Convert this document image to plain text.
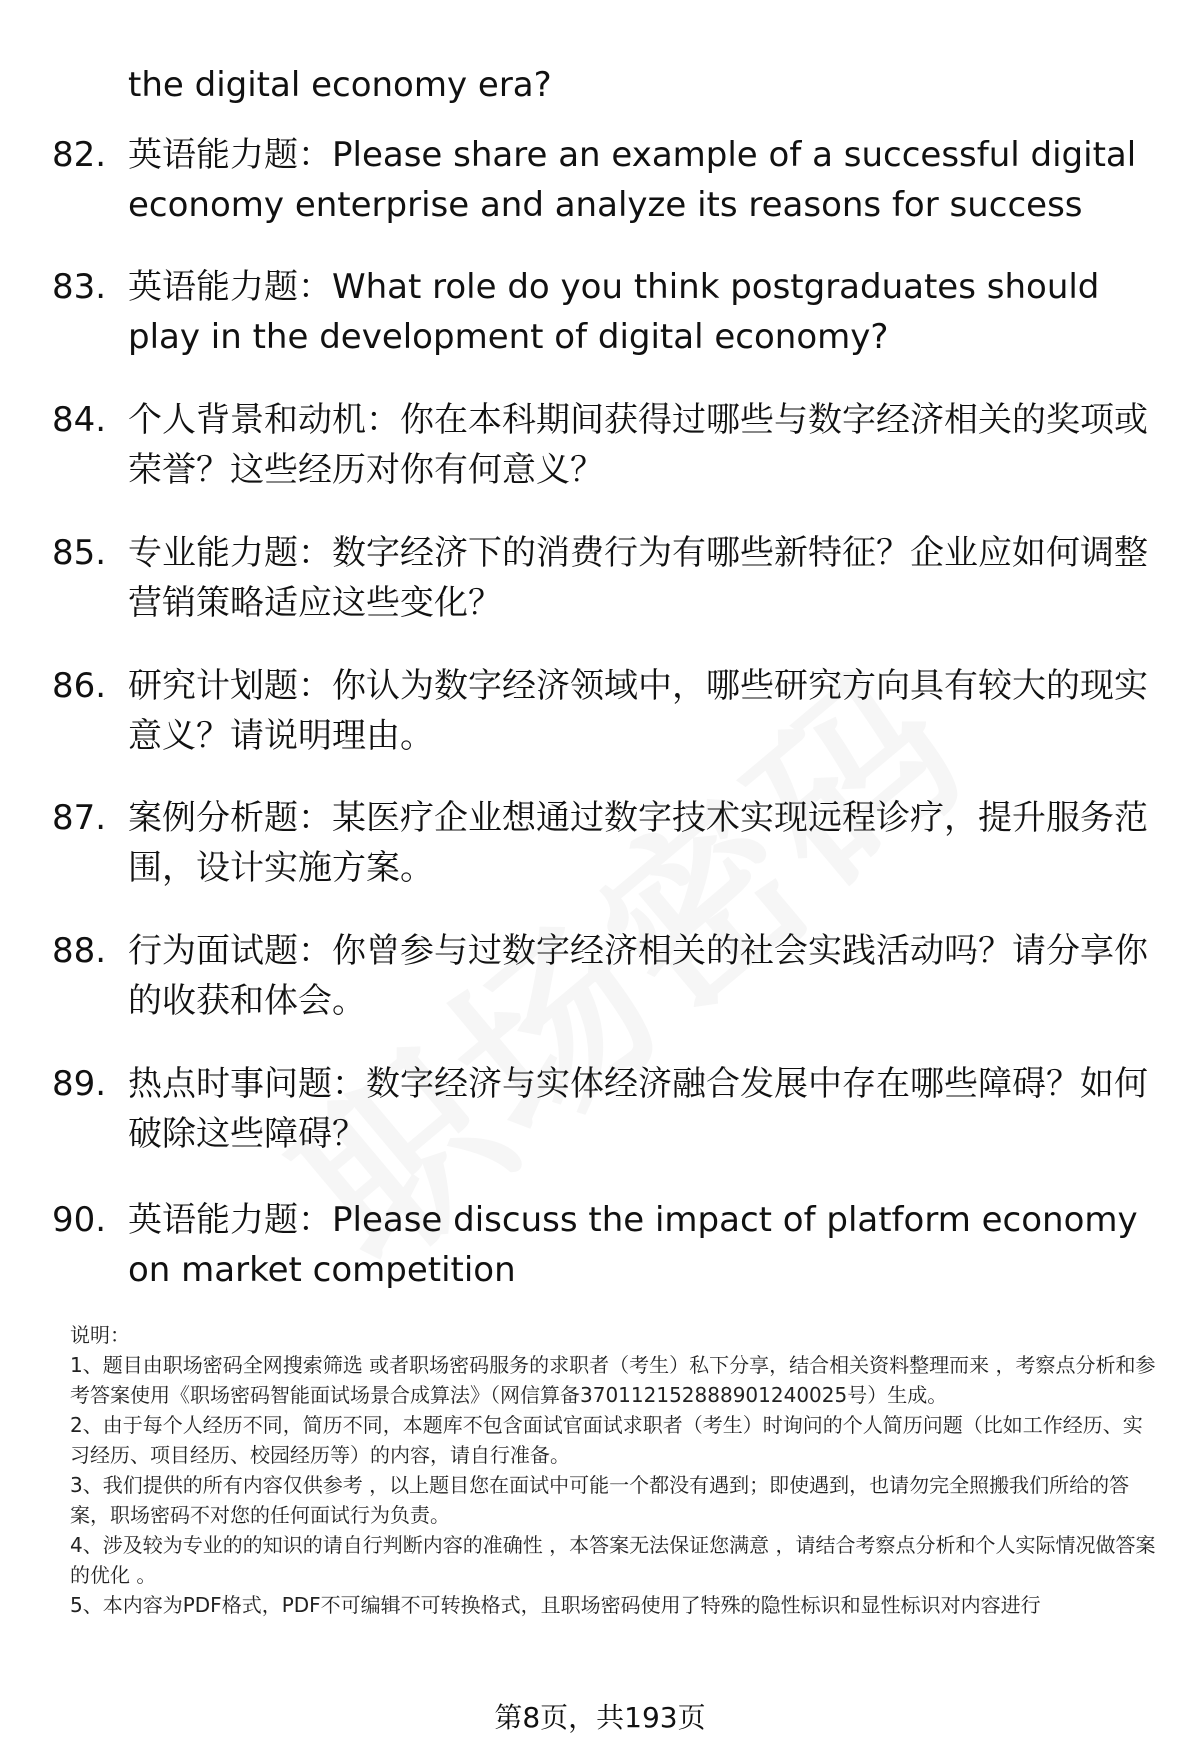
the digital economy era?

82. 英语能力题：Please share an example of a successful digital economy enterprise and analyze its reasons for success
83. 英语能力题：What role do you think postgraduates should play in the development of digital economy?
84. 个人背景和动机：你在本科期间获得过哪些与数字经济相关的奖项或荣誉？这些经历对你有何意义？
85. 专业能力题：数字经济下的消费行为有哪些新特征？企业应如何调整营销策略适应这些变化？
86. 研究计划题：你认为数字经济领域中，哪些研究方向具有较大的现实意义？请说明理由。
87. 案例分析题：某医疗企业想通过数字技术实现远程诊疗，提升服务范围，设计实施方案。
88. 行为面试题：你曾参与过数字经济相关的社会实践活动吗？请分享你的收获和体会。
89. 热点时事问题：数字经济与实体经济融合发展中存在哪些障碍？如何破除这些障碍？
90. 英语能力题：Please discuss the impact of platform economy on market competition

说明：

1、题目由职场密码全网搜索筛选 或者职场密码服务的求职者（考生）私下分享，结合相关资料整理而来 ，考察点分析和参考答案使用《职场密码智能面试场景合成算法》（网信算备370112152888901240025号）生成。

2、由于每个人经历不同，简历不同，本题库不包含面试官面试求职者（考生）时询问的个人简历问题（比如工作经历、实习经历、项目经历、校园经历等）的内容，请自行准备。

3、我们提供的所有内容仅供参考 ，以上题目您在面试中可能一个都没有遇到；即使遇到，也请勿完全照搬我们所给的答案，职场密码不对您的任何面试行为负责。

4、涉及较为专业的的知识的请自行判断内容的准确性 ，本答案无法保证您满意 ，请结合考察点分析和个人实际情况做答案的优化 。

5、本内容为PDF格式，PDF不可编辑不可转换格式，且职场密码使用了特殊的隐性标识和显性标识对内容进行

第8页，共193页
